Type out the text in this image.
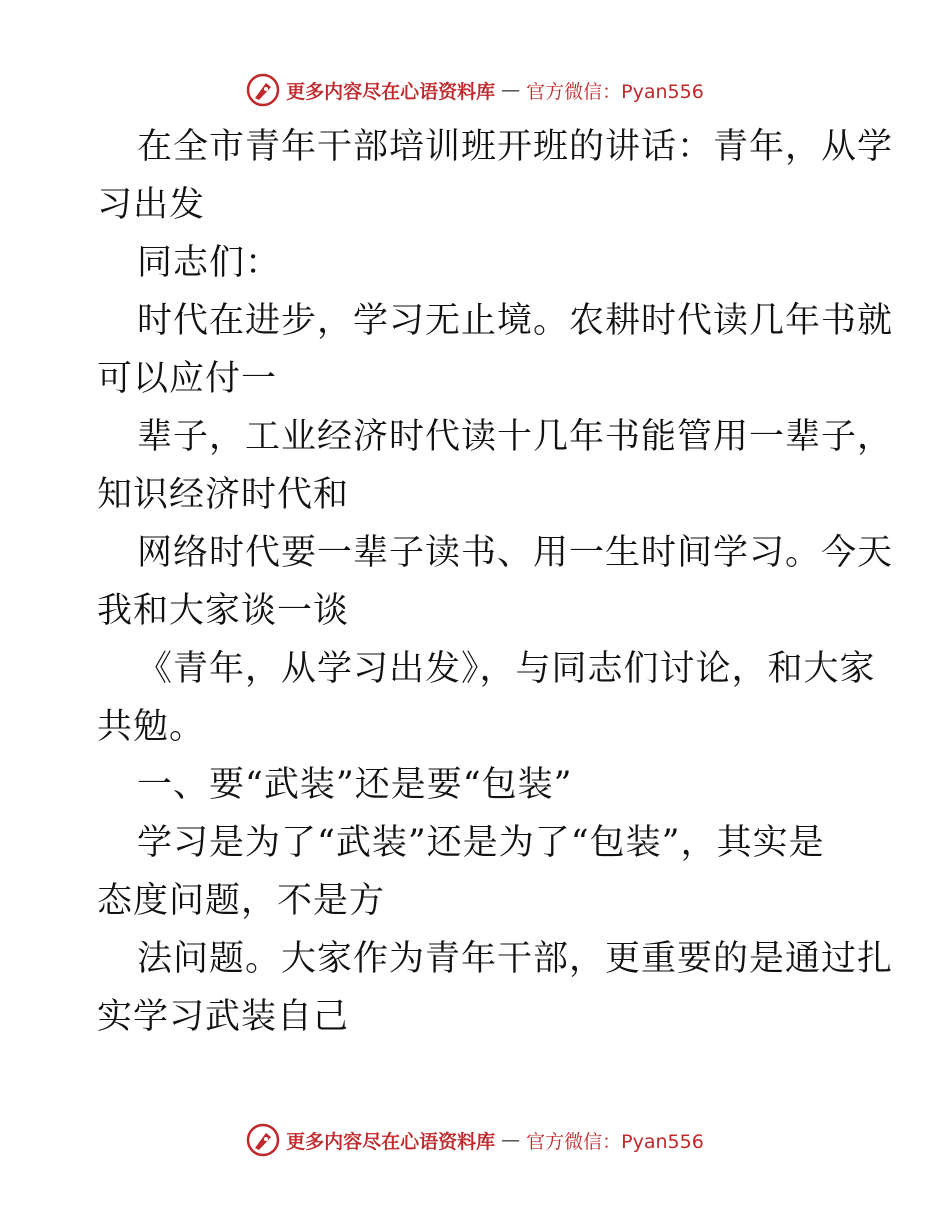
更多内容尽在心语资料库 — 官方微信：Pyan556
在全市青年干部培训班开班的讲话：青年，从学
习出发
同志们：
时代在进步，学习无止境。农耕时代读几年书就
可以应付一
辈子，工业经济时代读十几年书能管用一辈子，
知识经济时代和
网络时代要一辈子读书、用一生时间学习。今天
我和大家谈一谈
《青年，从学习出发》，与同志们讨论，和大家
共勉。
一、要“武装”还是要“包装”
学习是为了“武装”还是为了“包装”，其实是
态度问题，不是方
法问题。大家作为青年干部，更重要的是通过扎
实学习武装自己
更多内容尽在心语资料库 — 官方微信：Pyan556
